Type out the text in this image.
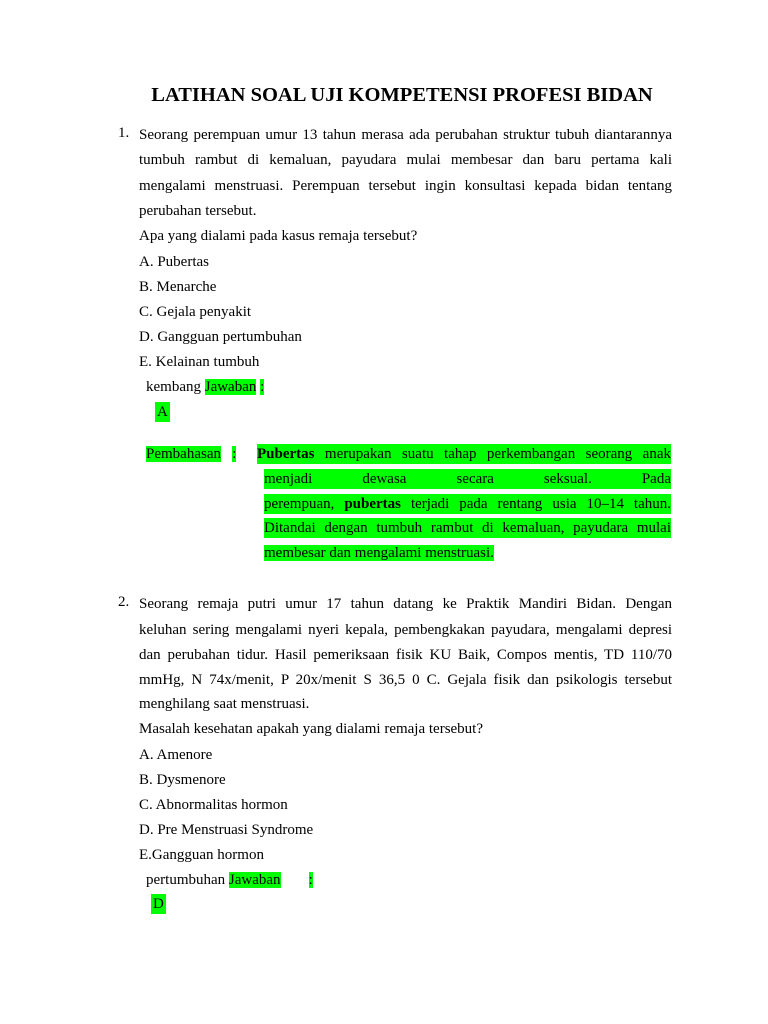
LATIHAN SOAL UJI KOMPETENSI PROFESI BIDAN
1. Seorang perempuan umur 13 tahun merasa ada perubahan struktur tubuh diantarannya
tumbuh rambut di kemaluan, payudara mulai membesar dan baru pertama kali
mengalami menstruasi. Perempuan tersebut ingin konsultasi kepada bidan tentang
perubahan tersebut.
Apa yang dialami pada kasus remaja tersebut?
A. Pubertas
B. Menarche
C. Gejala penyakit
D. Gangguan pertumbuhan
E. Kelainan tumbuh
kembang Jawaban :
A
Pembahasan : Pubertas merupakan suatu tahap perkembangan seorang anak
menjadi dewasa secara seksual. Pada
perempuan, pubertas terjadi pada rentang usia 10–14 tahun.
Ditandai dengan tumbuh rambut di kemaluan, payudara mulai
membesar dan mengalami menstruasi.
2. Seorang remaja putri umur 17 tahun datang ke Praktik Mandiri Bidan. Dengan
keluhan sering mengalami nyeri kepala, pembengkakan payudara, mengalami depresi
dan perubahan tidur. Hasil pemeriksaan fisik KU Baik, Compos mentis, TD 110/70
mmHg, N 74x/menit, P 20x/menit S 36,5 0 C. Gejala fisik dan psikologis tersebut
menghilang saat menstruasi.
Masalah kesehatan apakah yang dialami remaja tersebut?
A. Amenore
B. Dysmenore
C. Abnormalitas hormon
D. Pre Menstruasi Syndrome
E.Gangguan hormon
pertumbuhan Jawaban :
D
